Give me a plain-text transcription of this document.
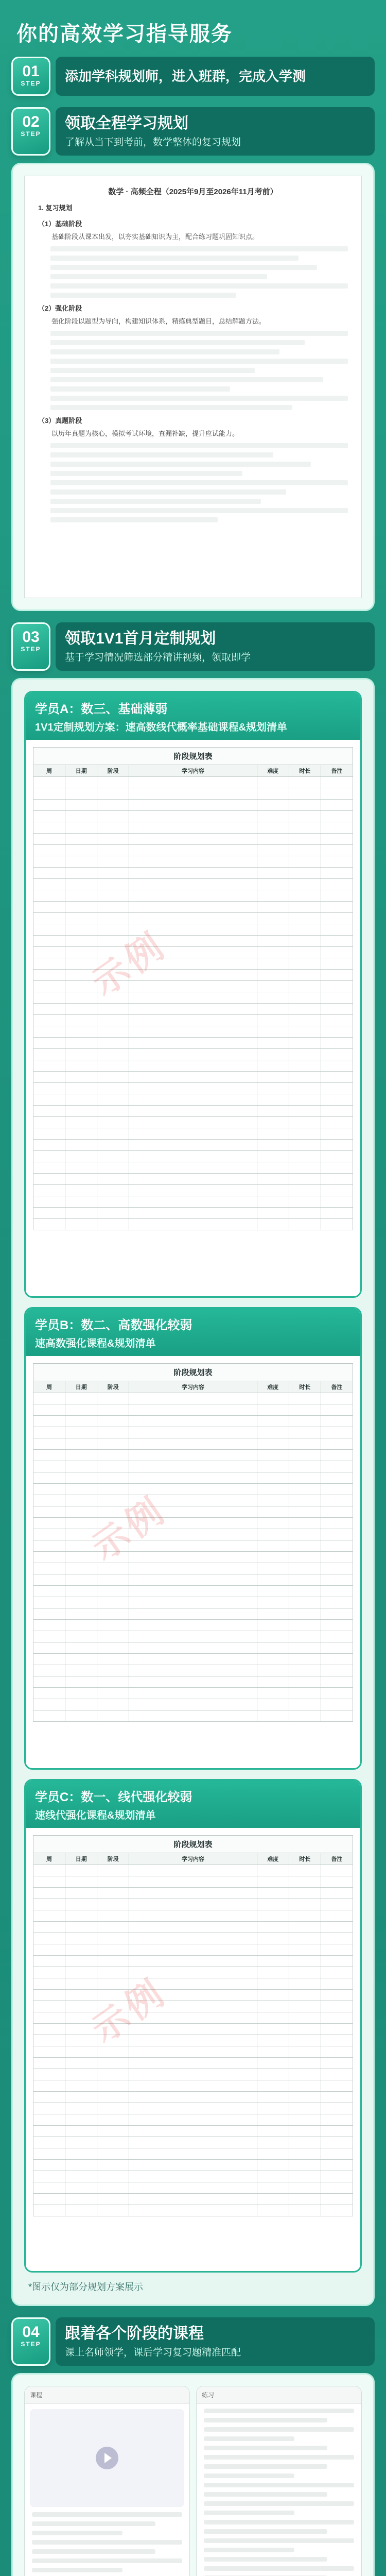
你的高效学习指导服务
01
STEP	添加学科规划师，进入班群，完成入学测
02
STEP
领取全程学习规划
了解从当下到考前，数学整体的复习规划
数学 · 高频全程（2025年9月至2026年11月考前）
1. 复习规划
（1）基础阶段
基础阶段从课本出发，以夯实基础知识为主，配合练习题巩固知识点。
（2）强化阶段
强化阶段以题型为导向，构建知识体系，精练典型题目，总结解题方法。
（3）真题阶段
以历年真题为核心，模拟考试环境，查漏补缺，提升应试能力。
03
STEP
领取1V1首月定制规划
基于学习情况筛选部分精讲视频，领取即学
学员A：数三、基础薄弱
1V1定制规划方案：速高数线代概率基础课程&规划清单
阶段规划表
周	日期	阶段	学习内容	难度	时长	备注

示例
学员B：数二、高数强化较弱
速高数强化课程&规划清单
阶段规划表
周	日期	阶段	学习内容	难度	时长	备注

示例
学员C：数一、线代强化较弱
速线代强化课程&规划清单
阶段规划表
周	日期	阶段	学习内容	难度	时长	备注

示例
*图示仅为部分规划方案展示
04
STEP
跟着各个阶段的课程
课上名师领学，课后学习复习题精准匹配
课程	练习
